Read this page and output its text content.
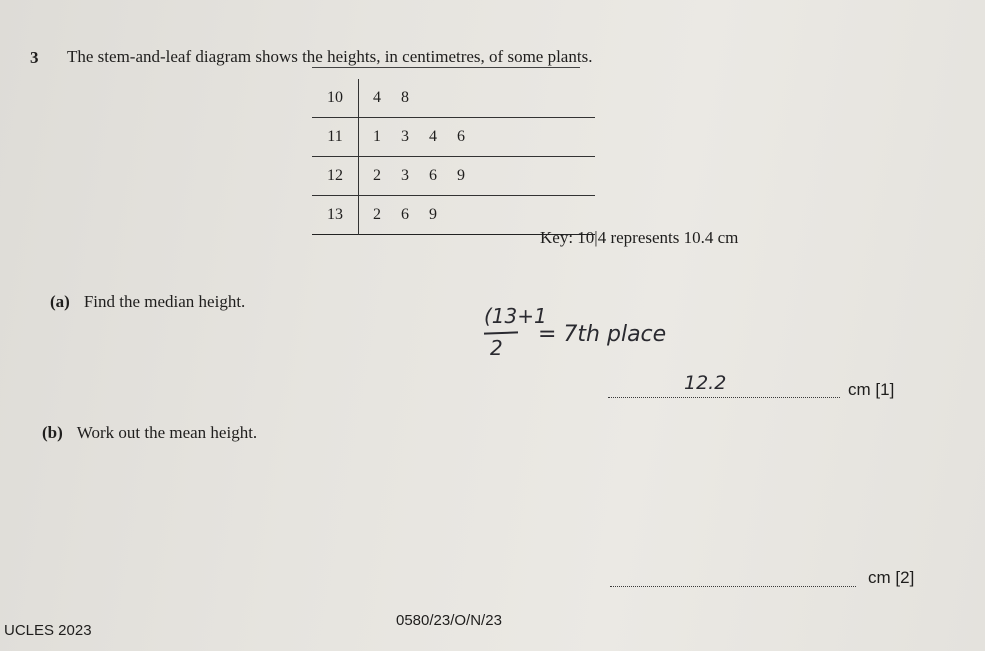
3 The stem-and-leaf diagram shows the heights, in centimetres, of some plants.
10	4 8
11	1 3 4 6
12	2 3 6 9
13	2 6 9
Key: 10|4 represents 10.4 cm
(a) Find the median height.
(13+1
2
= 7th place
12.2	cm [1]
(b) Work out the mean height.
cm [2]
UCLES 2023
0580/23/O/N/23
